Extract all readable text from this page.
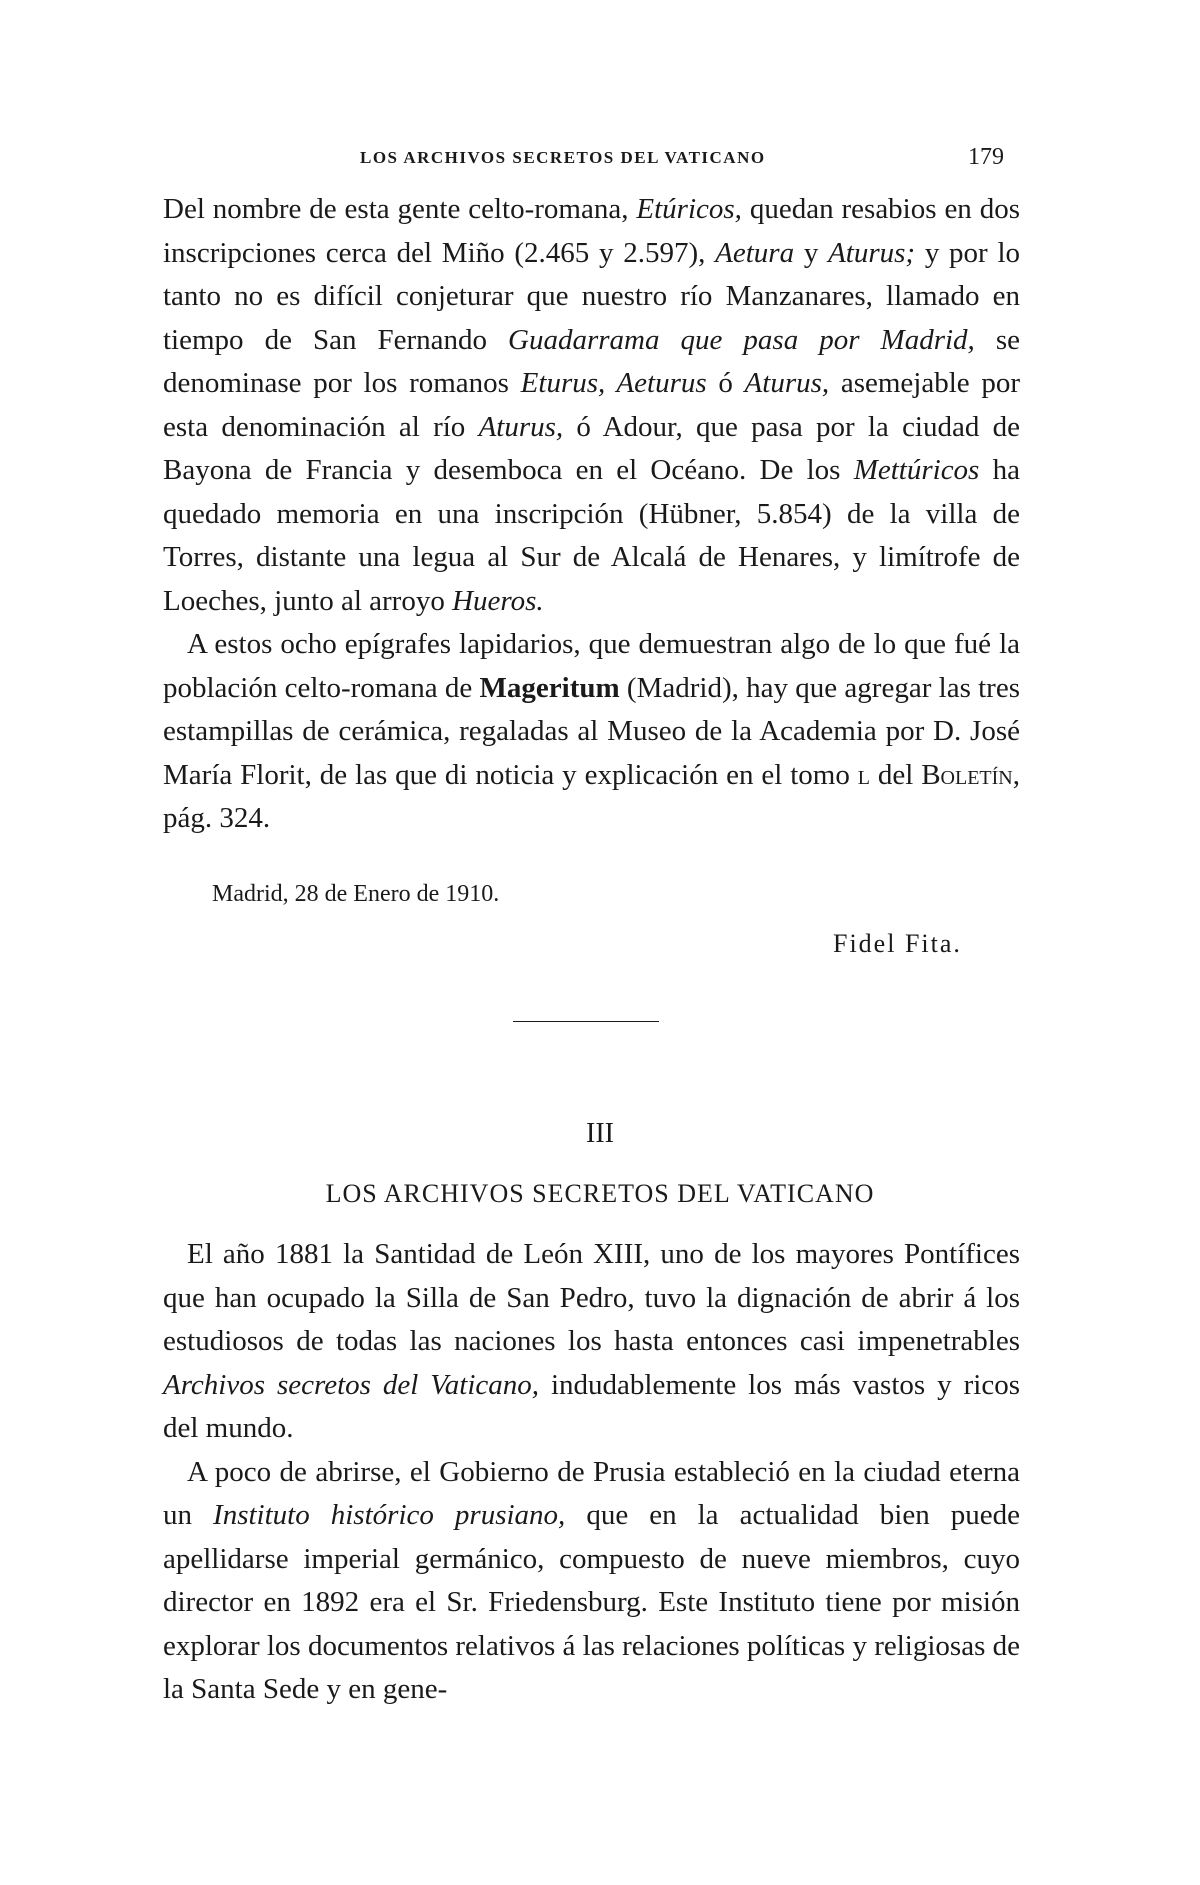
LOS ARCHIVOS SECRETOS DEL VATICANO	179

Del nombre de esta gente celto-romana, Etúricos, quedan resabios en dos inscripciones cerca del Miño (2.465 y 2.597), Aetura y Aturus; y por lo tanto no es difícil conjeturar que nuestro río Manzanares, llamado en tiempo de San Fernando Guadarrama que pasa por Madrid, se denominase por los romanos Eturus, Aeturus ó Aturus, asemejable por esta denominación al río Aturus, ó Adour, que pasa por la ciudad de Bayona de Francia y desemboca en el Océano. De los Mettúricos ha quedado memoria en una inscripción (Hübner, 5.854) de la villa de Torres, distante una legua al Sur de Alcalá de Henares, y limítrofe de Loeches, junto al arroyo Hueros.

A estos ocho epígrafes lapidarios, que demuestran algo de lo que fué la población celto-romana de Mageritum (Madrid), hay que agregar las tres estampillas de cerámica, regaladas al Museo de la Academia por D. José María Florit, de las que di noticia y explicación en el tomo l del Boletín, pág. 324.

Madrid, 28 de Enero de 1910.
Fidel Fita.
III
LOS ARCHIVOS SECRETOS DEL VATICANO

El año 1881 la Santidad de León XIII, uno de los mayores Pontífices que han ocupado la Silla de San Pedro, tuvo la dignación de abrir á los estudiosos de todas las naciones los hasta entonces casi impenetrables Archivos secretos del Vaticano, indudablemente los más vastos y ricos del mundo.

A poco de abrirse, el Gobierno de Prusia estableció en la ciudad eterna un Instituto histórico prusiano, que en la actualidad bien puede apellidarse imperial germánico, compuesto de nueve miembros, cuyo director en 1892 era el Sr. Friedensburg. Este Instituto tiene por misión explorar los documentos relativos á las relaciones políticas y religiosas de la Santa Sede y en gene-
